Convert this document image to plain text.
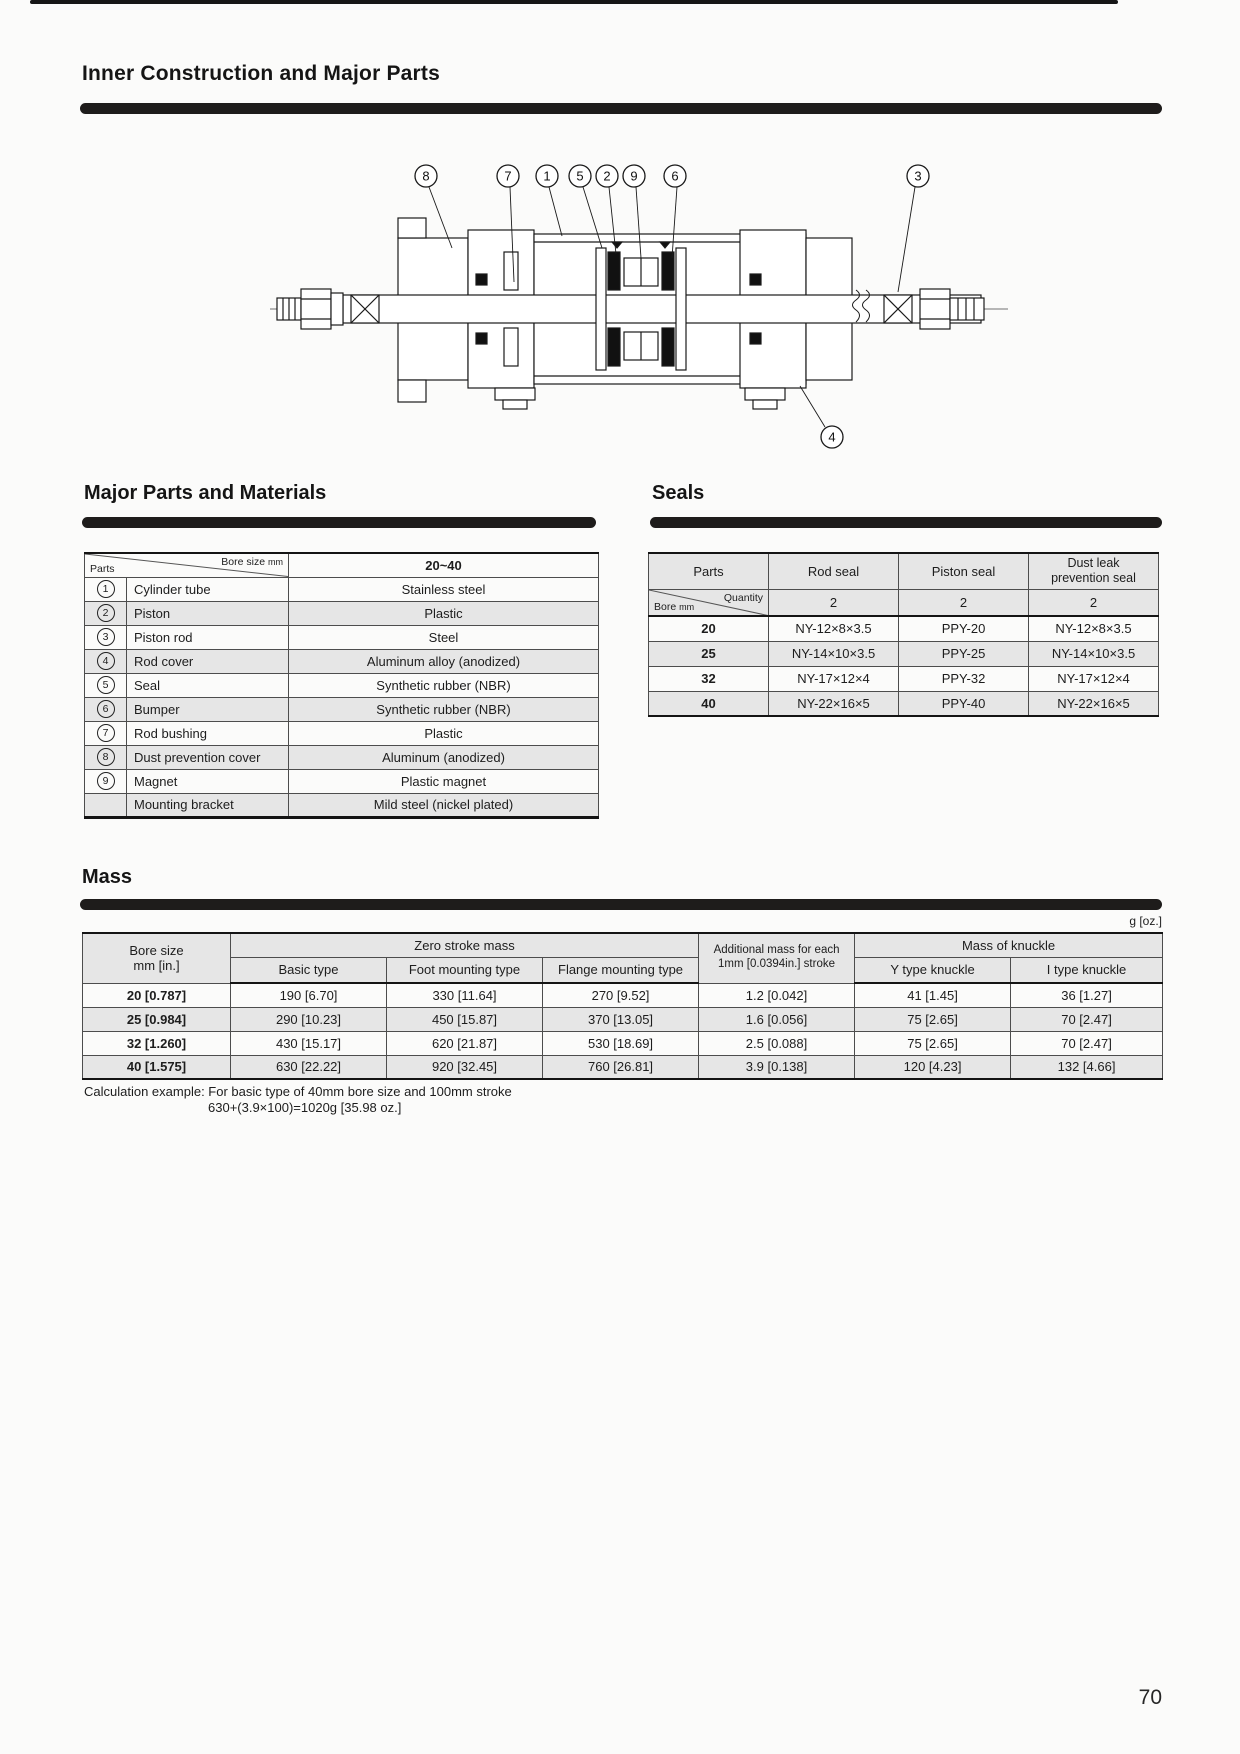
Inner Construction and Major Parts
8	7 1 5 2 9	6	3
4
Major Parts and Materials
Bore size mm
Parts		20~40
1	Cylinder tube	Stainless steel
2	Piston	Plastic
3	Piston rod	Steel
4	Rod cover	Aluminum alloy (anodized)
5	Seal	Synthetic rubber (NBR)
6	Bumper	Synthetic rubber (NBR)
7	Rod bushing	Plastic
8	Dust prevention cover	Aluminum (anodized)
9	Magnet	Plastic magnet
	Mounting bracket	Mild steel (nickel plated)
Seals
Parts	Rod seal	Piston seal	Dust leak
prevention seal

Quantity
Bore mm	2	2	2
20	NY-12×8×3.5	PPY-20	NY-12×8×3.5
25	NY-14×10×3.5	PPY-25	NY-14×10×3.5
32	NY-17×12×4	PPY-32	NY-17×12×4
40	NY-22×16×5	PPY-40	NY-22×16×5
Mass
g [oz.]
Bore size
mm [in.]
	Zero stroke mass	Additional mass for each
1mm [0.0394in.] stroke
	Mass of knuckle
	Basic type	Foot mounting type	Flange mounting type		Y type knuckle	I type knuckle
20 [0.787]	190 [6.70]	330 [11.64]	270 [9.52]	1.2 [0.042]	41 [1.45]	36 [1.27]
25 [0.984]	290 [10.23]	450 [15.87]	370 [13.05]	1.6 [0.056]	75 [2.65]	70 [2.47]
32 [1.260]	430 [15.17]	620 [21.87]	530 [18.69]	2.5 [0.088]	75 [2.65]	70 [2.47]
40 [1.575]	630 [22.22]	920 [32.45]	760 [26.81]	3.9 [0.138]	120 [4.23]	132 [4.66]
Calculation example: For basic type of 40mm bore size and 100mm stroke
630+(3.9×100)=1020g [35.98 oz.]
70
